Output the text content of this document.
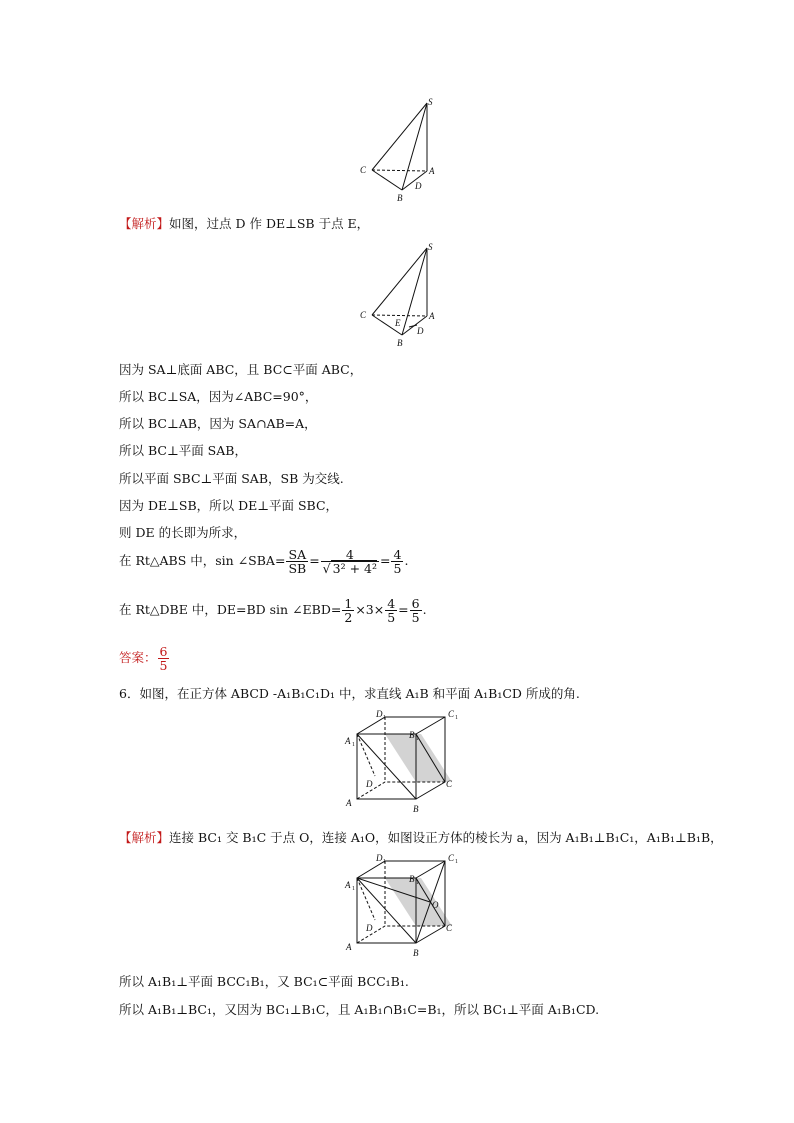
S
C	A
D
B
【解析】如图，过点 D 作 DE⊥SB 于点 E，
S
C	A
D
E
B
因为 SA⊥底面 ABC，且 BC⊂平面 ABC，
所以 BC⊥SA，因为∠ABC=90°，
所以 BC⊥AB，因为 SA∩AB=A，
所以 BC⊥平面 SAB，
所以平面 SBC⊥平面 SAB，SB 为交线.
因为 DE⊥SB，所以 DE⊥平面 SBC，
则 DE 的长即为所求，
在 Rt△ABS 中，sin ∠SBA= $\frac{SA}{SB} = \frac{4}{\text{√ 3² + 4²}} = \frac{4}{5}$ .
在 Rt△DBE 中，DE=BD sin ∠EBD= $\frac{1}{2} \times 3\times \frac{4}{5} = \frac{6}{5}$ .
答案： $\frac{6}{5}$
6．如图，在正方体 ABCD -A₁B₁C₁D₁ 中，求直线 A₁B 和平面 A₁B₁CD 所成的角.
D 1	C 1
A 1
B 1
D	C
A
B
【解析】连接 BC₁ 交 B₁C 于点 O，连接 A₁O，如图设正方体的棱长为 a，因为 A₁B₁⊥B₁C₁，A₁B₁⊥B₁B，
D 1	C 1
A 1
B 1
O
D	C
A
B
所以 A₁B₁⊥平面 BCC₁B₁，又 BC₁⊂平面 BCC₁B₁.
所以 A₁B₁⊥BC₁，又因为 BC₁⊥B₁C，且 A₁B₁∩B₁C=B₁，所以 BC₁⊥平面 A₁B₁CD.
